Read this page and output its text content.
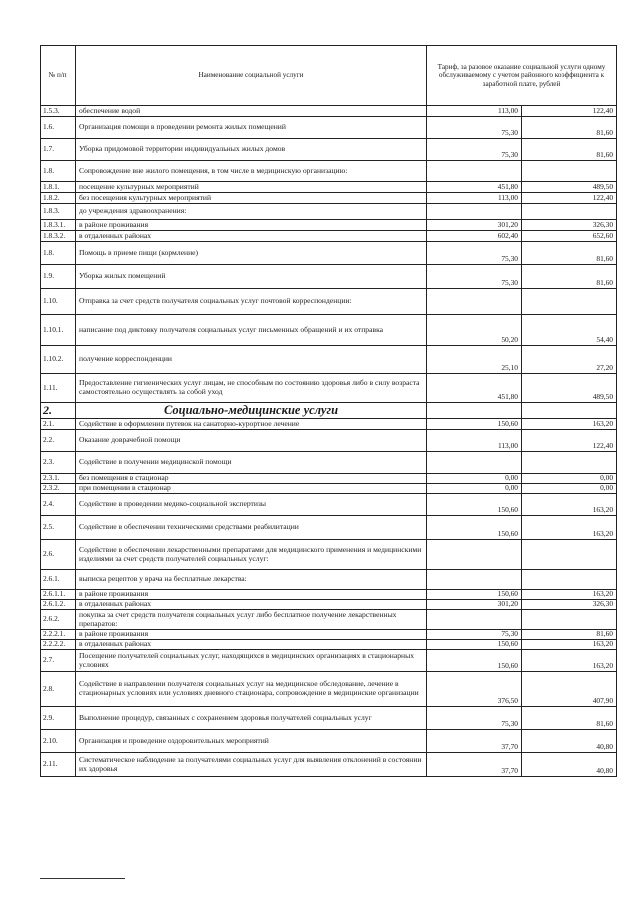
№ п/п	Наименование социальной услуги	Тариф, за разовое оказание социальной услуги одному обслуживаемому с учетом районного коэффициента к заработной плате, рублей	
1.5.3.	обеспечение водой	113,00	122,40
1.6.	Организация помощи в проведении ремонта жилых помещений	75,30	81,60
1.7.	Уборка придомовой территории индивидуальных жилых домов	75,30	81,60
1.8.	Сопровождение вне жилого помещения, в том числе в медицинскую организацию:		
1.8.1.	посещение культурных мероприятий	451,80	489,50
1.8.2.	без посещения культурных мероприятий	113,00	122,40
1.8.3.	до учреждения здравоохранения:		
1.8.3.1.	в районе проживания	301,20	326,30
1.8.3.2.	в отдаленных районах	602,40	652,60
1.8.	Помощь в приеме пищи (кормление)	75,30	81,60
1.9.	Уборка жилых помещений	75,30	81,60
1.10.	Отправка за счет средств получателя социальных услуг почтовой корреспонденции:		
1.10.1.	написание под диктовку получателя социальных услуг письменных обращений и их отправка	50,20	54,40
1.10.2.	получение корреспонденции	25,10	27,20
1.11.	Предоставление гигиенических услуг лицам, не способным по состоянию здоровья либо в силу возраста самостоятельно осуществлять за собой уход	451,80	489,50
2.	Социально-медицинские услуги		
2.1.	Содействие в оформлении путевок на санаторно-курортное лечение	150,60	163,20
2.2.	Оказание доврачебной помощи	113,00	122,40
2.3.	Содействие в получении медицинской помощи		
2.3.1.	без помещения в стационар	0,00	0,00
2.3.2.	при помещении в стационар	0,00	0,00
2.4.	Содействие в проведении медико-социальной экспертизы	150,60	163,20
2.5.	Содействие в обеспечении техническими средствами реабилитации	150,60	163,20
2.6.	Содействие в обеспечении лекарственными препаратами для медицинского применения и медицинскими изделиями за счет средств получателей социальных услуг:		
2.6.1.	выписка рецептов у врача на бесплатные лекарства:		
2.6.1.1.	в районе проживания	150,60	163,20
2.6.1.2.	в отдаленных районах	301,20	326,30
2.6.2.	покупка за счет средств получателя социальных услуг либо бесплатное получение лекарственных препаратов:		
2.2.2.1.	в районе проживания	75,30	81,60
2.2.2.2.	в отдаленных районах	150,60	163,20
2.7.	Посещение получателей социальных услуг, находящихся в медицинских организациях в стационарных условиях	150,60	163,20
2.8.	Содействие в направлении получателя социальных услуг на медицинское обследование, лечение в стационарных условиях или условиях дневного стационара, сопровождение в медицинские организации	376,50	407,90
2.9.	Выполнение процедур, связанных с сохранением здоровья получателей социальных услуг	75,30	81,60
2.10.	Организация и проведение оздоровительных мероприятий	37,70	40,80
2.11.	Систематическое наблюдение за получателями социальных услуг для выявления отклонений в состоянии их здоровья	37,70	40,80
